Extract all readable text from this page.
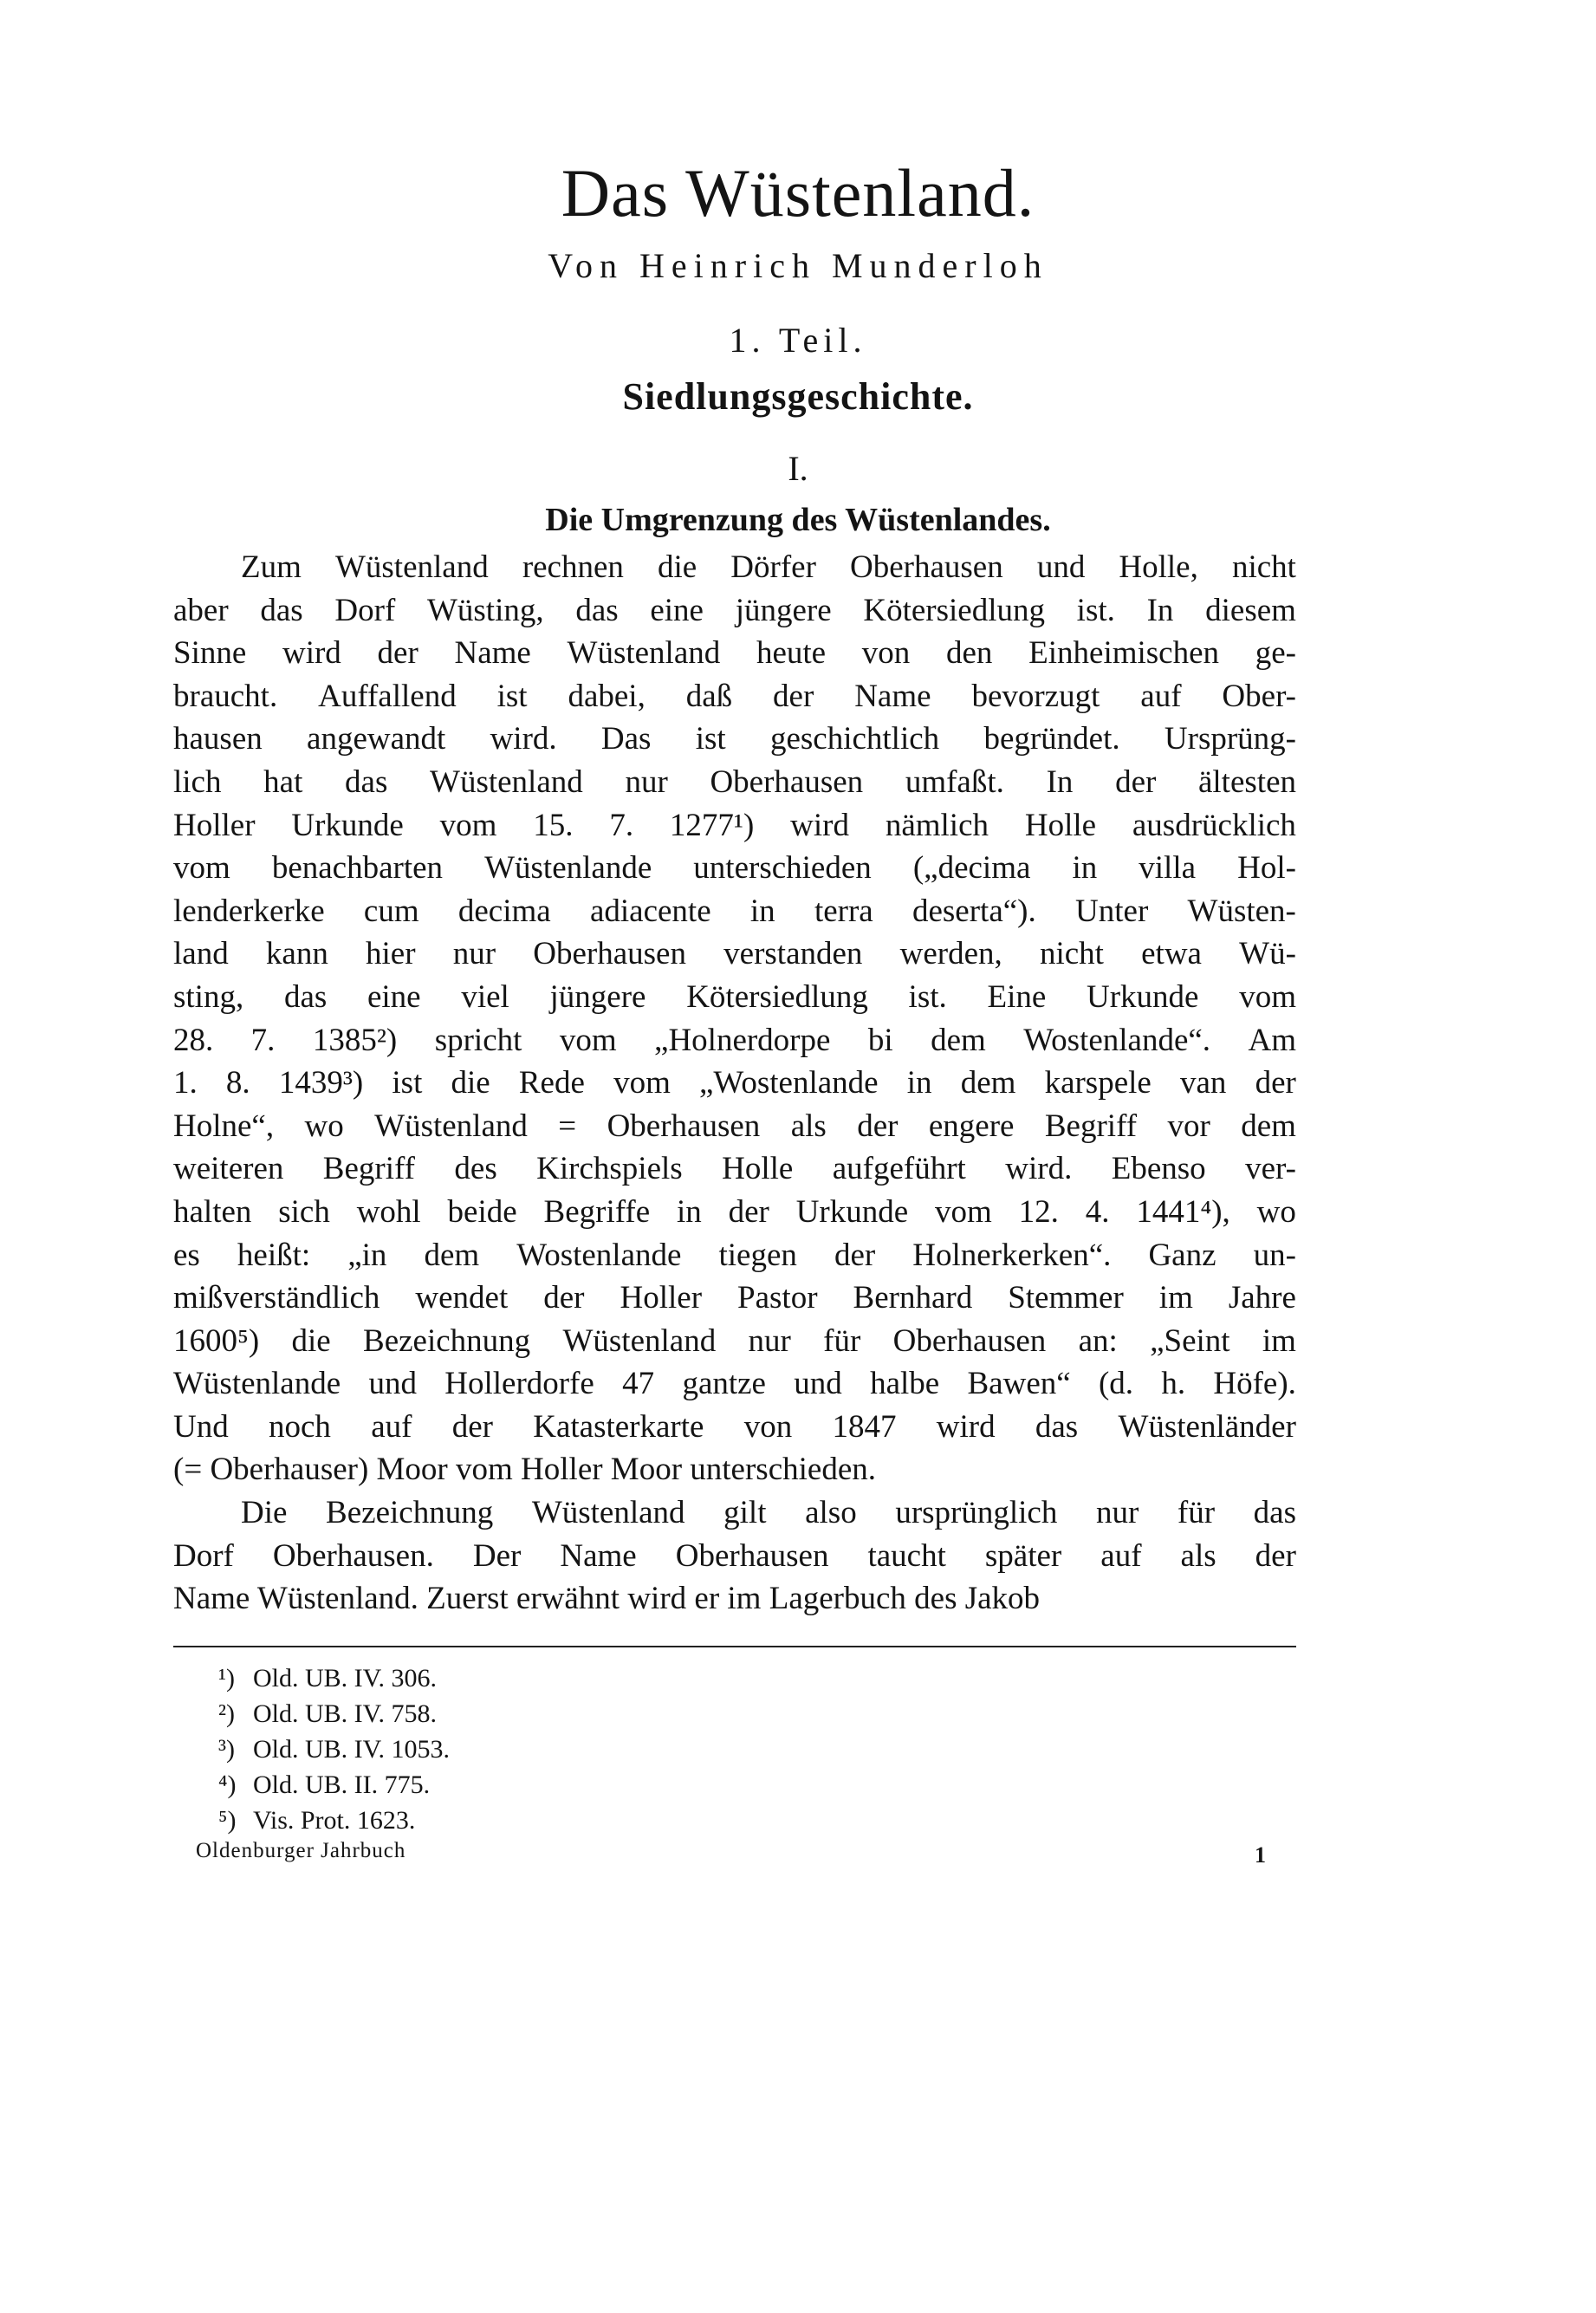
Das Wüstenland.
Von Heinrich Munderloh
1. Teil.
Siedlungsgeschichte.
I.
Die Umgrenzung des Wüstenlandes.
Zum Wüstenland rechnen die Dörfer Oberhausen und Holle, nicht
aber das Dorf Wüsting, das eine jüngere Kötersiedlung ist. In diesem
Sinne wird der Name Wüstenland heute von den Einheimischen ge-
braucht. Auffallend ist dabei, daß der Name bevorzugt auf Ober-
hausen angewandt wird. Das ist geschichtlich begründet. Ursprüng-
lich hat das Wüstenland nur Oberhausen umfaßt. In der ältesten
Holler Urkunde vom 15. 7. 1277¹) wird nämlich Holle ausdrücklich
vom benachbarten Wüstenlande unterschieden („decima in villa Hol-
lenderkerke cum decima adiacente in terra deserta“). Unter Wüsten-
land kann hier nur Oberhausen verstanden werden, nicht etwa Wü-
sting, das eine viel jüngere Kötersiedlung ist. Eine Urkunde vom
28. 7. 1385²) spricht vom „Holnerdorpe bi dem Wostenlande“. Am
1. 8. 1439³) ist die Rede vom „Wostenlande in dem karspele van der
Holne“, wo Wüstenland = Oberhausen als der engere Begriff vor dem
weiteren Begriff des Kirchspiels Holle aufgeführt wird. Ebenso ver-
halten sich wohl beide Begriffe in der Urkunde vom 12. 4. 1441⁴), wo
es heißt: „in dem Wostenlande tiegen der Holnerkerken“. Ganz un-
mißverständlich wendet der Holler Pastor Bernhard Stemmer im Jahre
1600⁵) die Bezeichnung Wüstenland nur für Oberhausen an: „Seint im
Wüstenlande und Hollerdorfe 47 gantze und halbe Bawen“ (d. h. Höfe).
Und noch auf der Katasterkarte von 1847 wird das Wüstenländer
(= Oberhauser) Moor vom Holler Moor unterschieden.
Die Bezeichnung Wüstenland gilt also ursprünglich nur für das
Dorf Oberhausen. Der Name Oberhausen taucht später auf als der
Name Wüstenland. Zuerst erwähnt wird er im Lagerbuch des Jakob
¹) Old. UB. IV. 306.
²) Old. UB. IV. 758.
³) Old. UB. IV. 1053.
⁴) Old. UB. II. 775.
⁵) Vis. Prot. 1623.
Oldenburger Jahrbuch	1
